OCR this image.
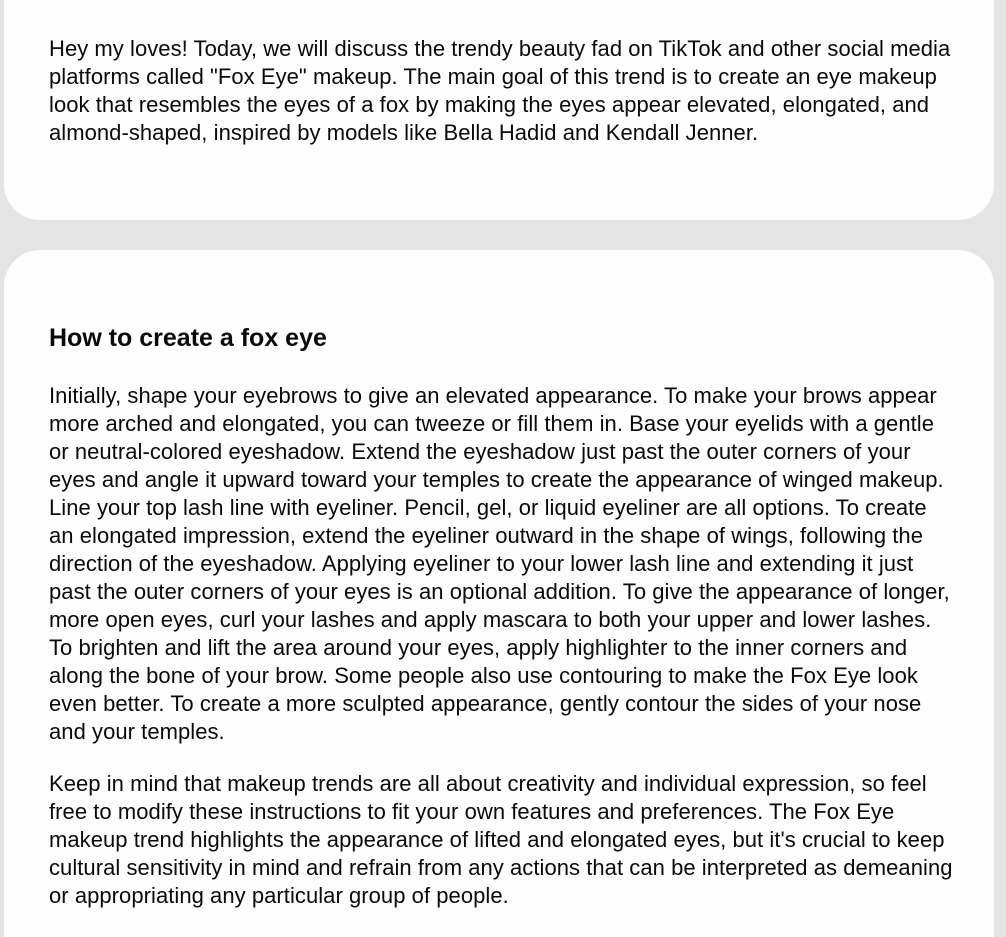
Hey my loves! Today, we will discuss the trendy beauty fad on TikTok and other social media platforms called "Fox Eye" makeup. The main goal of this trend is to create an eye makeup look that resembles the eyes of a fox by making the eyes appear elevated, elongated, and almond-shaped, inspired by models like Bella Hadid and Kendall Jenner.

How to create a fox eye

Initially, shape your eyebrows to give an elevated appearance. To make your brows appear more arched and elongated, you can tweeze or fill them in. Base your eyelids with a gentle or neutral-colored eyeshadow. Extend the eyeshadow just past the outer corners of your eyes and angle it upward toward your temples to create the appearance of winged makeup. Line your top lash line with eyeliner. Pencil, gel, or liquid eyeliner are all options. To create an elongated impression, extend the eyeliner outward in the shape of wings, following the direction of the eyeshadow. Applying eyeliner to your lower lash line and extending it just past the outer corners of your eyes is an optional addition. To give the appearance of longer, more open eyes, curl your lashes and apply mascara to both your upper and lower lashes. To brighten and lift the area around your eyes, apply highlighter to the inner corners and along the bone of your brow. Some people also use contouring to make the Fox Eye look even better. To create a more sculpted appearance, gently contour the sides of your nose and your temples.

Keep in mind that makeup trends are all about creativity and individual expression, so feel free to modify these instructions to fit your own features and preferences. The Fox Eye makeup trend highlights the appearance of lifted and elongated eyes, but it's crucial to keep cultural sensitivity in mind and refrain from any actions that can be interpreted as demeaning or appropriating any particular group of people.
